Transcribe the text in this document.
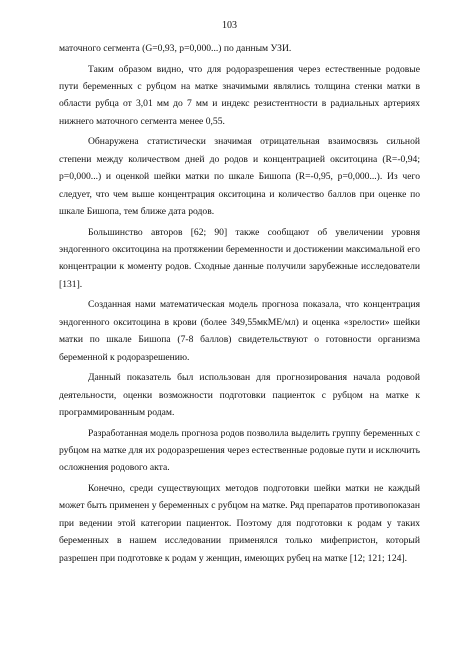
103

маточного сегмента (G=0,93, p=0,000...) по данным УЗИ.

Таким образом видно, что для родоразрешения через естественные родовые пути беременных с рубцом на матке значимыми являлись толщина стенки матки в области рубца от 3,01 мм до 7 мм и индекс резистентности в радиальных артериях нижнего маточного сегмента менее 0,55.

Обнаружена статистически значимая отрицательная взаимосвязь сильной степени между количеством дней до родов и концентрацией окситоцина (R=-0,94; p=0,000...) и оценкой шейки матки по шкале Бишопа (R=-0,95, p=0,000...). Из чего следует, что чем выше концентрация окситоцина и количество баллов при оценке по шкале Бишопа, тем ближе дата родов.

Большинство авторов [62; 90] также сообщают об увеличении уровня эндогенного окситоцина на протяжении беременности и достижении максимальной его концентрации к моменту родов. Сходные данные получили зарубежные исследователи [131].

Созданная нами математическая модель прогноза показала, что концентрация эндогенного окситоцина в крови (более 349,55мкМЕ/мл) и оценка «зрелости» шейки матки по шкале Бишопа (7-8 баллов) свидетельствуют о готовности организма беременной к родоразрешению.

Данный показатель был использован для прогнозирования начала родовой деятельности, оценки возможности подготовки пациенток с рубцом на матке к программированным родам.

Разработанная модель прогноза родов позволила выделить группу беременных с рубцом на матке для их родоразрешения через естественные родовые пути и исключить осложнения родового акта.

Конечно, среди существующих методов подготовки шейки матки не каждый может быть применен у беременных с рубцом на матке. Ряд препаратов противопоказан при ведении этой категории пациенток. Поэтому для подготовки к родам у таких беременных в нашем исследовании применялся только мифепристон, который разрешен при подготовке к родам у женщин, имеющих рубец на матке [12; 121; 124].
